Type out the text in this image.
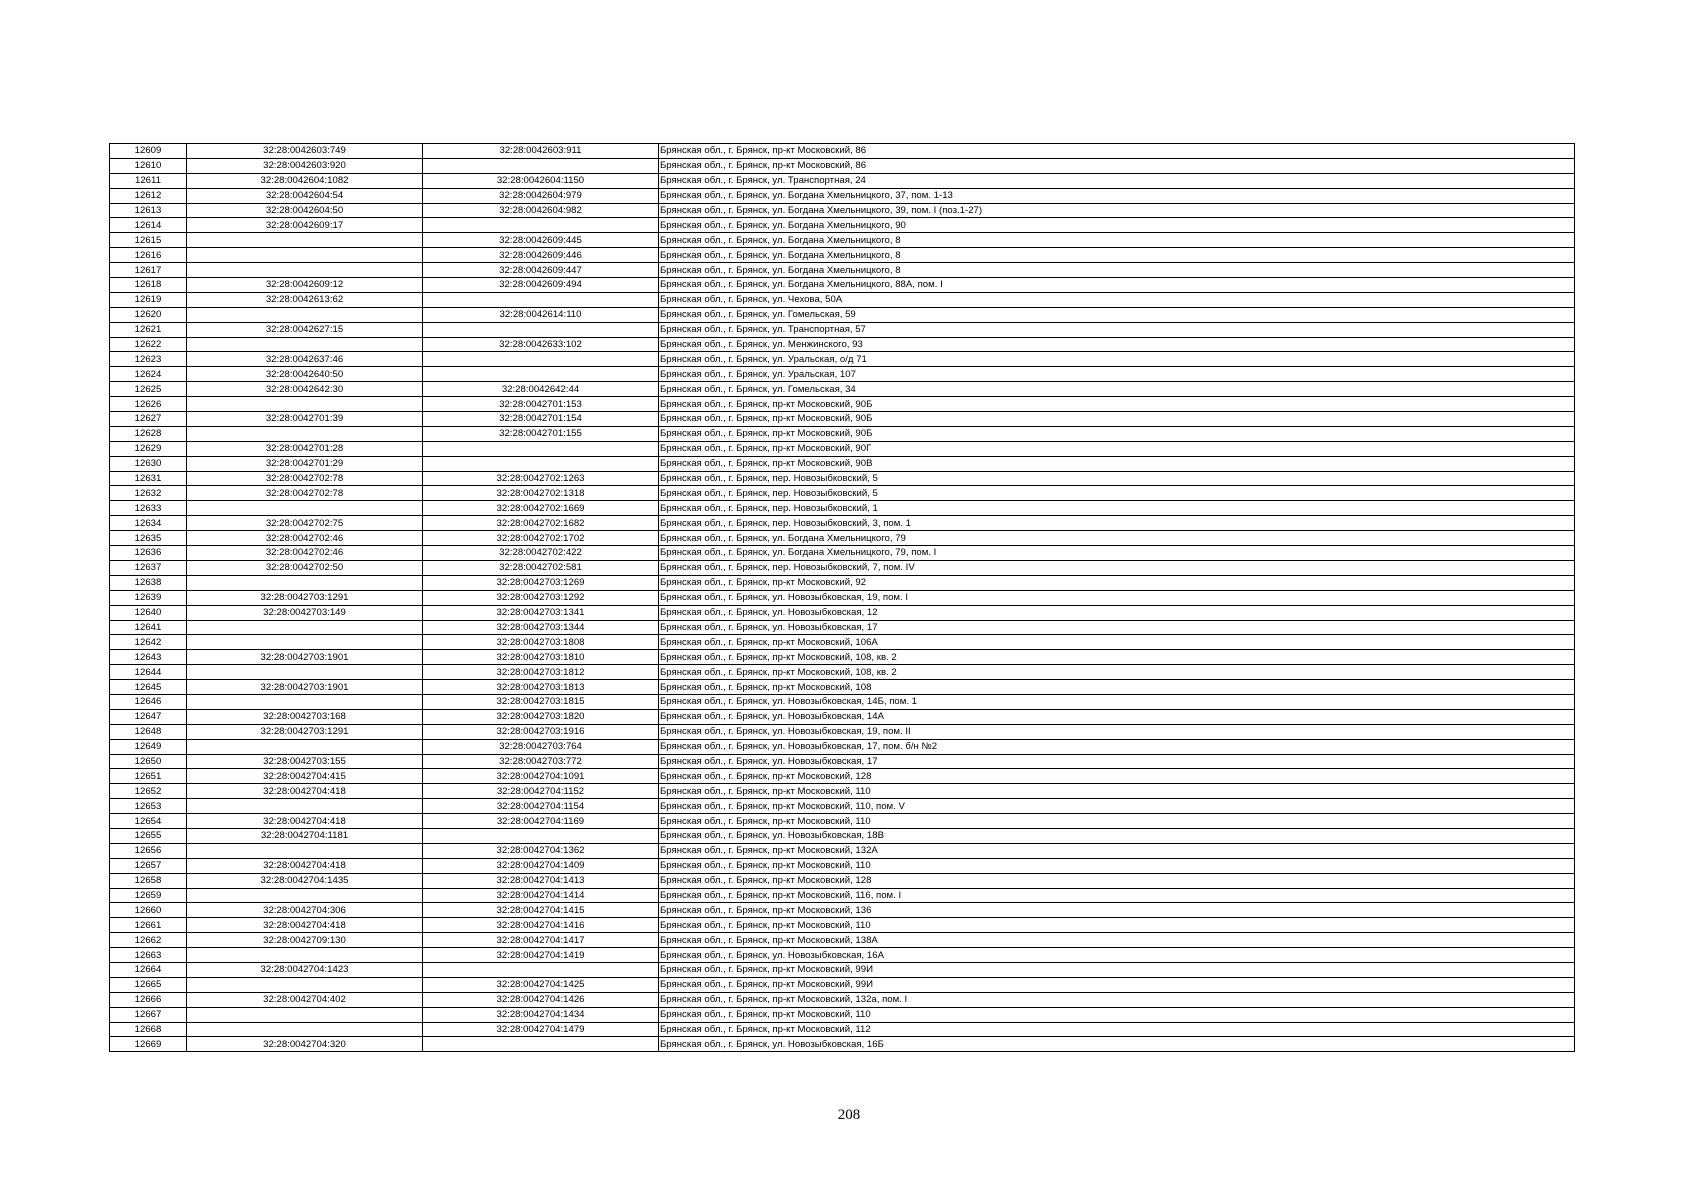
12609	32:28:0042603:749	32:28:0042603:911	Брянская обл., г. Брянск, пр-кт Московский, 86
12610	32:28:0042603:920		Брянская обл., г. Брянск, пр-кт Московский, 86
12611	32:28:0042604:1082	32:28:0042604:1150	Брянская обл., г. Брянск, ул. Транспортная, 24
12612	32:28:0042604:54	32:28:0042604:979	Брянская обл., г. Брянск, ул. Богдана Хмельницкого, 37, пом. 1-13
12613	32:28:0042604:50	32:28:0042604:982	Брянская обл., г. Брянск, ул. Богдана Хмельницкого, 39, пом. I (поз.1-27)
12614	32:28:0042609:17		Брянская обл., г. Брянск, ул. Богдана Хмельницкого, 90
12615		32:28:0042609:445	Брянская обл., г. Брянск, ул. Богдана Хмельницкого, 8
12616		32:28:0042609:446	Брянская обл., г. Брянск, ул. Богдана Хмельницкого, 8
12617		32:28:0042609:447	Брянская обл., г. Брянск, ул. Богдана Хмельницкого, 8
12618	32:28:0042609:12	32:28:0042609:494	Брянская обл., г. Брянск, ул. Богдана Хмельницкого, 88А, пом. I
12619	32:28:0042613:62		Брянская обл., г. Брянск, ул. Чехова, 50А
12620		32:28:0042614:110	Брянская обл., г. Брянск, ул. Гомельская, 59
12621	32:28:0042627:15		Брянская обл., г. Брянск, ул. Транспортная, 57
12622		32:28:0042633:102	Брянская обл., г. Брянск, ул. Менжинского, 93
12623	32:28:0042637:46		Брянская обл., г. Брянск, ул. Уральская, о/д 71
12624	32:28:0042640:50		Брянская обл., г. Брянск, ул. Уральская, 107
12625	32:28:0042642:30	32:28:0042642:44	Брянская обл., г. Брянск, ул. Гомельская, 34
12626		32:28:0042701:153	Брянская обл., г. Брянск, пр-кт Московский, 90Б
12627	32:28:0042701:39	32:28:0042701:154	Брянская обл., г. Брянск, пр-кт Московский, 90Б
12628		32:28:0042701:155	Брянская обл., г. Брянск, пр-кт Московский, 90Б
12629	32:28:0042701:28		Брянская обл., г. Брянск, пр-кт Московский, 90Г
12630	32:28:0042701:29		Брянская обл., г. Брянск, пр-кт Московский, 90В
12631	32:28:0042702:78	32:28:0042702:1263	Брянская обл., г. Брянск, пер. Новозыбковский, 5
12632	32:28:0042702:78	32:28:0042702:1318	Брянская обл., г. Брянск, пер. Новозыбковский, 5
12633		32:28:0042702:1669	Брянская обл., г. Брянск, пер. Новозыбковский, 1
12634	32:28:0042702:75	32:28:0042702:1682	Брянская обл., г. Брянск, пер. Новозыбковский, 3, пом. 1
12635	32:28:0042702:46	32:28:0042702:1702	Брянская обл., г. Брянск, ул. Богдана Хмельницкого, 79
12636	32:28:0042702:46	32:28:0042702:422	Брянская обл., г. Брянск, ул. Богдана Хмельницкого, 79, пом. I
12637	32:28:0042702:50	32:28:0042702:581	Брянская обл., г. Брянск, пер. Новозыбковский, 7, пом. IV
12638		32:28:0042703:1269	Брянская обл., г. Брянск, пр-кт Московский, 92
12639	32:28:0042703:1291	32:28:0042703:1292	Брянская обл., г. Брянск, ул. Новозыбковская, 19, пом. I
12640	32:28:0042703:149	32:28:0042703:1341	Брянская обл., г. Брянск, ул. Новозыбковская, 12
12641		32:28:0042703:1344	Брянская обл., г. Брянск, ул. Новозыбковская, 17
12642		32:28:0042703:1808	Брянская обл., г. Брянск, пр-кт Московский, 106А
12643	32:28:0042703:1901	32:28:0042703:1810	Брянская обл., г. Брянск, пр-кт Московский, 108, кв. 2
12644		32:28:0042703:1812	Брянская обл., г. Брянск, пр-кт Московский, 108, кв. 2
12645	32:28:0042703:1901	32:28:0042703:1813	Брянская обл., г. Брянск, пр-кт Московский, 108
12646		32:28:0042703:1815	Брянская обл., г. Брянск, ул. Новозыбковская, 14Б, пом. 1
12647	32:28:0042703:168	32:28:0042703:1820	Брянская обл., г. Брянск, ул. Новозыбковская, 14А
12648	32:28:0042703:1291	32:28:0042703:1916	Брянская обл., г. Брянск, ул. Новозыбковская, 19, пом. II
12649		32:28:0042703:764	Брянская обл., г. Брянск, ул. Новозыбковская, 17, пом. б/н №2
12650	32:28:0042703:155	32:28:0042703:772	Брянская обл., г. Брянск, ул. Новозыбковская, 17
12651	32:28:0042704:415	32:28:0042704:1091	Брянская обл., г. Брянск, пр-кт Московский, 128
12652	32:28:0042704:418	32:28:0042704:1152	Брянская обл., г. Брянск, пр-кт Московский, 110
12653		32:28:0042704:1154	Брянская обл., г. Брянск, пр-кт Московский, 110, пом. V
12654	32:28:0042704:418	32:28:0042704:1169	Брянская обл., г. Брянск, пр-кт Московский, 110
12655	32:28:0042704:1181		Брянская обл., г. Брянск, ул. Новозыбковская, 18В
12656		32:28:0042704:1362	Брянская обл., г. Брянск, пр-кт Московский, 132А
12657	32:28:0042704:418	32:28:0042704:1409	Брянская обл., г. Брянск, пр-кт Московский, 110
12658	32:28:0042704:1435	32:28:0042704:1413	Брянская обл., г. Брянск, пр-кт Московский, 128
12659		32:28:0042704:1414	Брянская обл., г. Брянск, пр-кт Московский, 116, пом. I
12660	32:28:0042704:306	32:28:0042704:1415	Брянская обл., г. Брянск, пр-кт Московский, 136
12661	32:28:0042704:418	32:28:0042704:1416	Брянская обл., г. Брянск, пр-кт Московский, 110
12662	32:28:0042709:130	32:28:0042704:1417	Брянская обл., г. Брянск, пр-кт Московский, 138А
12663		32:28:0042704:1419	Брянская обл., г. Брянск, ул. Новозыбковская, 16А
12664	32:28:0042704:1423		Брянская обл., г. Брянск, пр-кт Московский, 99И
12665		32:28:0042704:1425	Брянская обл., г. Брянск, пр-кт Московский, 99И
12666	32:28:0042704:402	32:28:0042704:1426	Брянская обл., г. Брянск, пр-кт Московский, 132а, пом. I
12667		32:28:0042704:1434	Брянская обл., г. Брянск, пр-кт Московский, 110
12668		32:28:0042704:1479	Брянская обл., г. Брянск, пр-кт Московский, 112
12669	32:28:0042704:320		Брянская обл., г. Брянск, ул. Новозыбковская, 16Б
208
